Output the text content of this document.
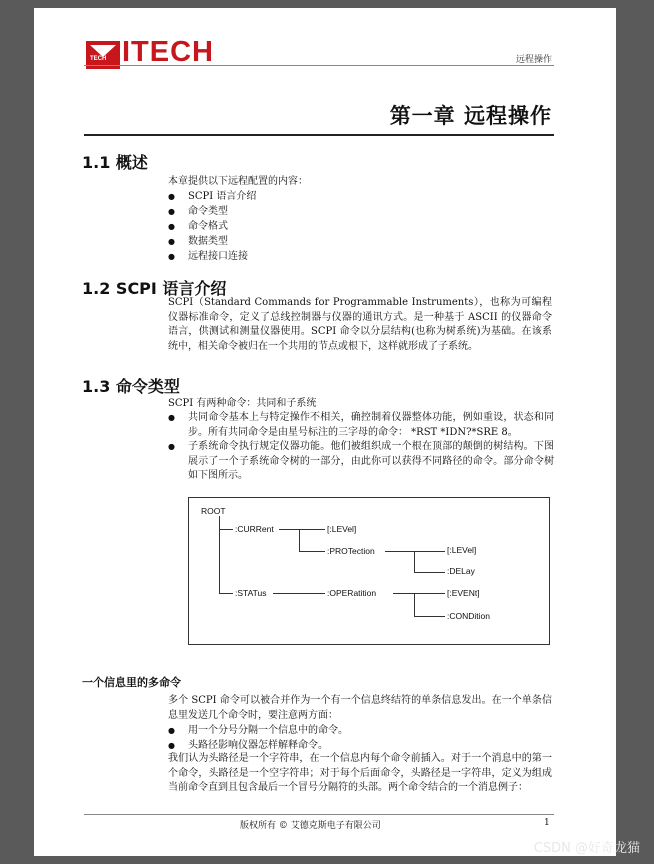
TECH ITECH	远程操作
第一章 远程操作
1.1 概述
本章提供以下远程配置的内容：
● SCPI 语言介绍
● 命令类型
● 命令格式
● 数据类型
● 远程接口连接
1.2 SCPI 语言介绍
SCPI（Standard Commands for Programmable Instruments），也称为可编程仪器标准命令，定义了总线控制器与仪器的通讯方式。是一种基于 ASCII 的仪器命令语言，供测试和测量仪器使用。SCPI 命令以分层结构(也称为树系统)为基础。在该系统中，相关命令被归在一个共用的节点或根下，这样就形成了子系统。
1.3 命令类型
SCPI 有两种命令：共同和子系统
● 共同命令基本上与特定操作不相关，确控制着仪器整体功能，例如重设，状态和同步。所有共同命令是由星号标注的三字母的命令： *RST *IDN?*SRE 8。
● 子系统命令执行规定仪器功能。他们被组织成一个根在顶部的颠倒的树结构。下图展示了一个子系统命令树的一部分，由此你可以获得不同路径的命令。部分命令树如下图所示。
ROOT
:CURRent	[:LEVel]
:PROTection	[:LEVel]
:DELay
:STATus	:OPERatition	[:EVENt]
:CONDition
一个信息里的多命令
多个 SCPI 命令可以被合并作为一个有一个信息终结符的单条信息发出。在一个单条信息里发送几个命令时，要注意两方面：
● 用一个分号分隔一个信息中的命令。
● 头路径影响仪器怎样解释命令。
我们认为头路径是一个字符串，在一个信息内每个命令前插入。对于一个消息中的第一个命令，头路径是一个空字符串；对于每个后面命令，头路径是一字符串，定义为组成当前命令直到且包含最后一个冒号分隔符的头部。两个命令结合的一个消息例子：
版权所有 © 艾德克斯电子有限公司	1
CSDN @好奇龙猫
